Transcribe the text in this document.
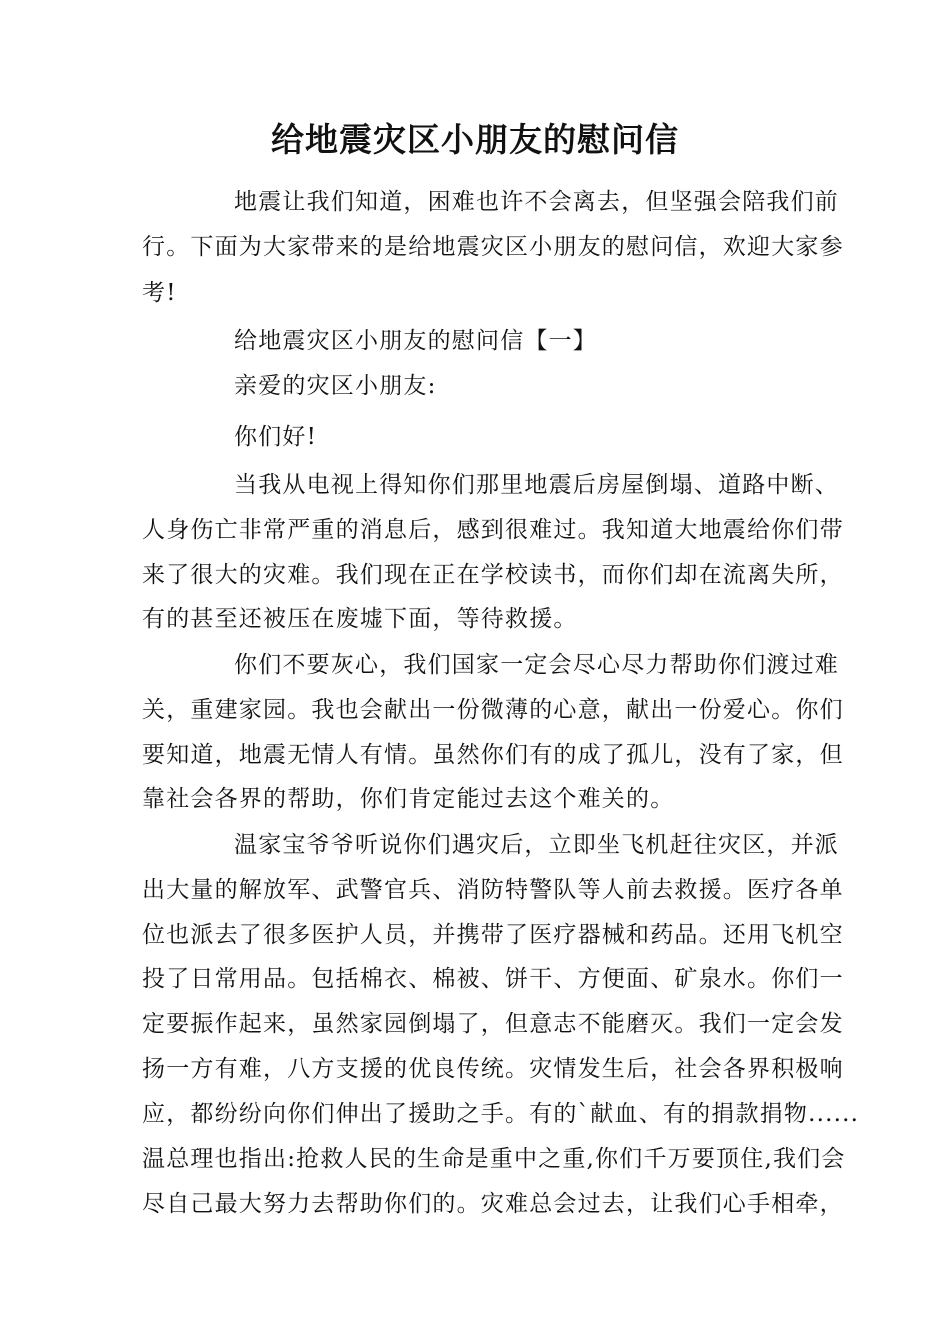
给地震灾区小朋友的慰问信
地震让我们知道，困难也许不会离去，但坚强会陪我们前
行。下面为大家带来的是给地震灾区小朋友的慰问信，欢迎大家参
考!
给地震灾区小朋友的慰问信【一】
亲爱的灾区小朋友:
你们好!
当我从电视上得知你们那里地震后房屋倒塌、道路中断、
人身伤亡非常严重的消息后，感到很难过。我知道大地震给你们带
来了很大的灾难。我们现在正在学校读书，而你们却在流离失所，
有的甚至还被压在废墟下面，等待救援。
你们不要灰心，我们国家一定会尽心尽力帮助你们渡过难
关，重建家园。我也会献出一份微薄的心意，献出一份爱心。你们
要知道，地震无情人有情。虽然你们有的成了孤儿，没有了家，但
靠社会各界的帮助，你们肯定能过去这个难关的。
温家宝爷爷听说你们遇灾后，立即坐飞机赶往灾区，并派
出大量的解放军、武警官兵、消防特警队等人前去救援。医疗各单
位也派去了很多医护人员，并携带了医疗器械和药品。还用飞机空
投了日常用品。包括棉衣、棉被、饼干、方便面、矿泉水。你们一
定要振作起来，虽然家园倒塌了，但意志不能磨灭。我们一定会发
扬一方有难，八方支援的优良传统。灾情发生后，社会各界积极响
应，都纷纷向你们伸出了援助之手。有的`献血、有的捐款捐物......
温总理也指出:抢救人民的生命是重中之重,你们千万要顶住,我们会
尽自己最大努力去帮助你们的。灾难总会过去，让我们心手相牵，
